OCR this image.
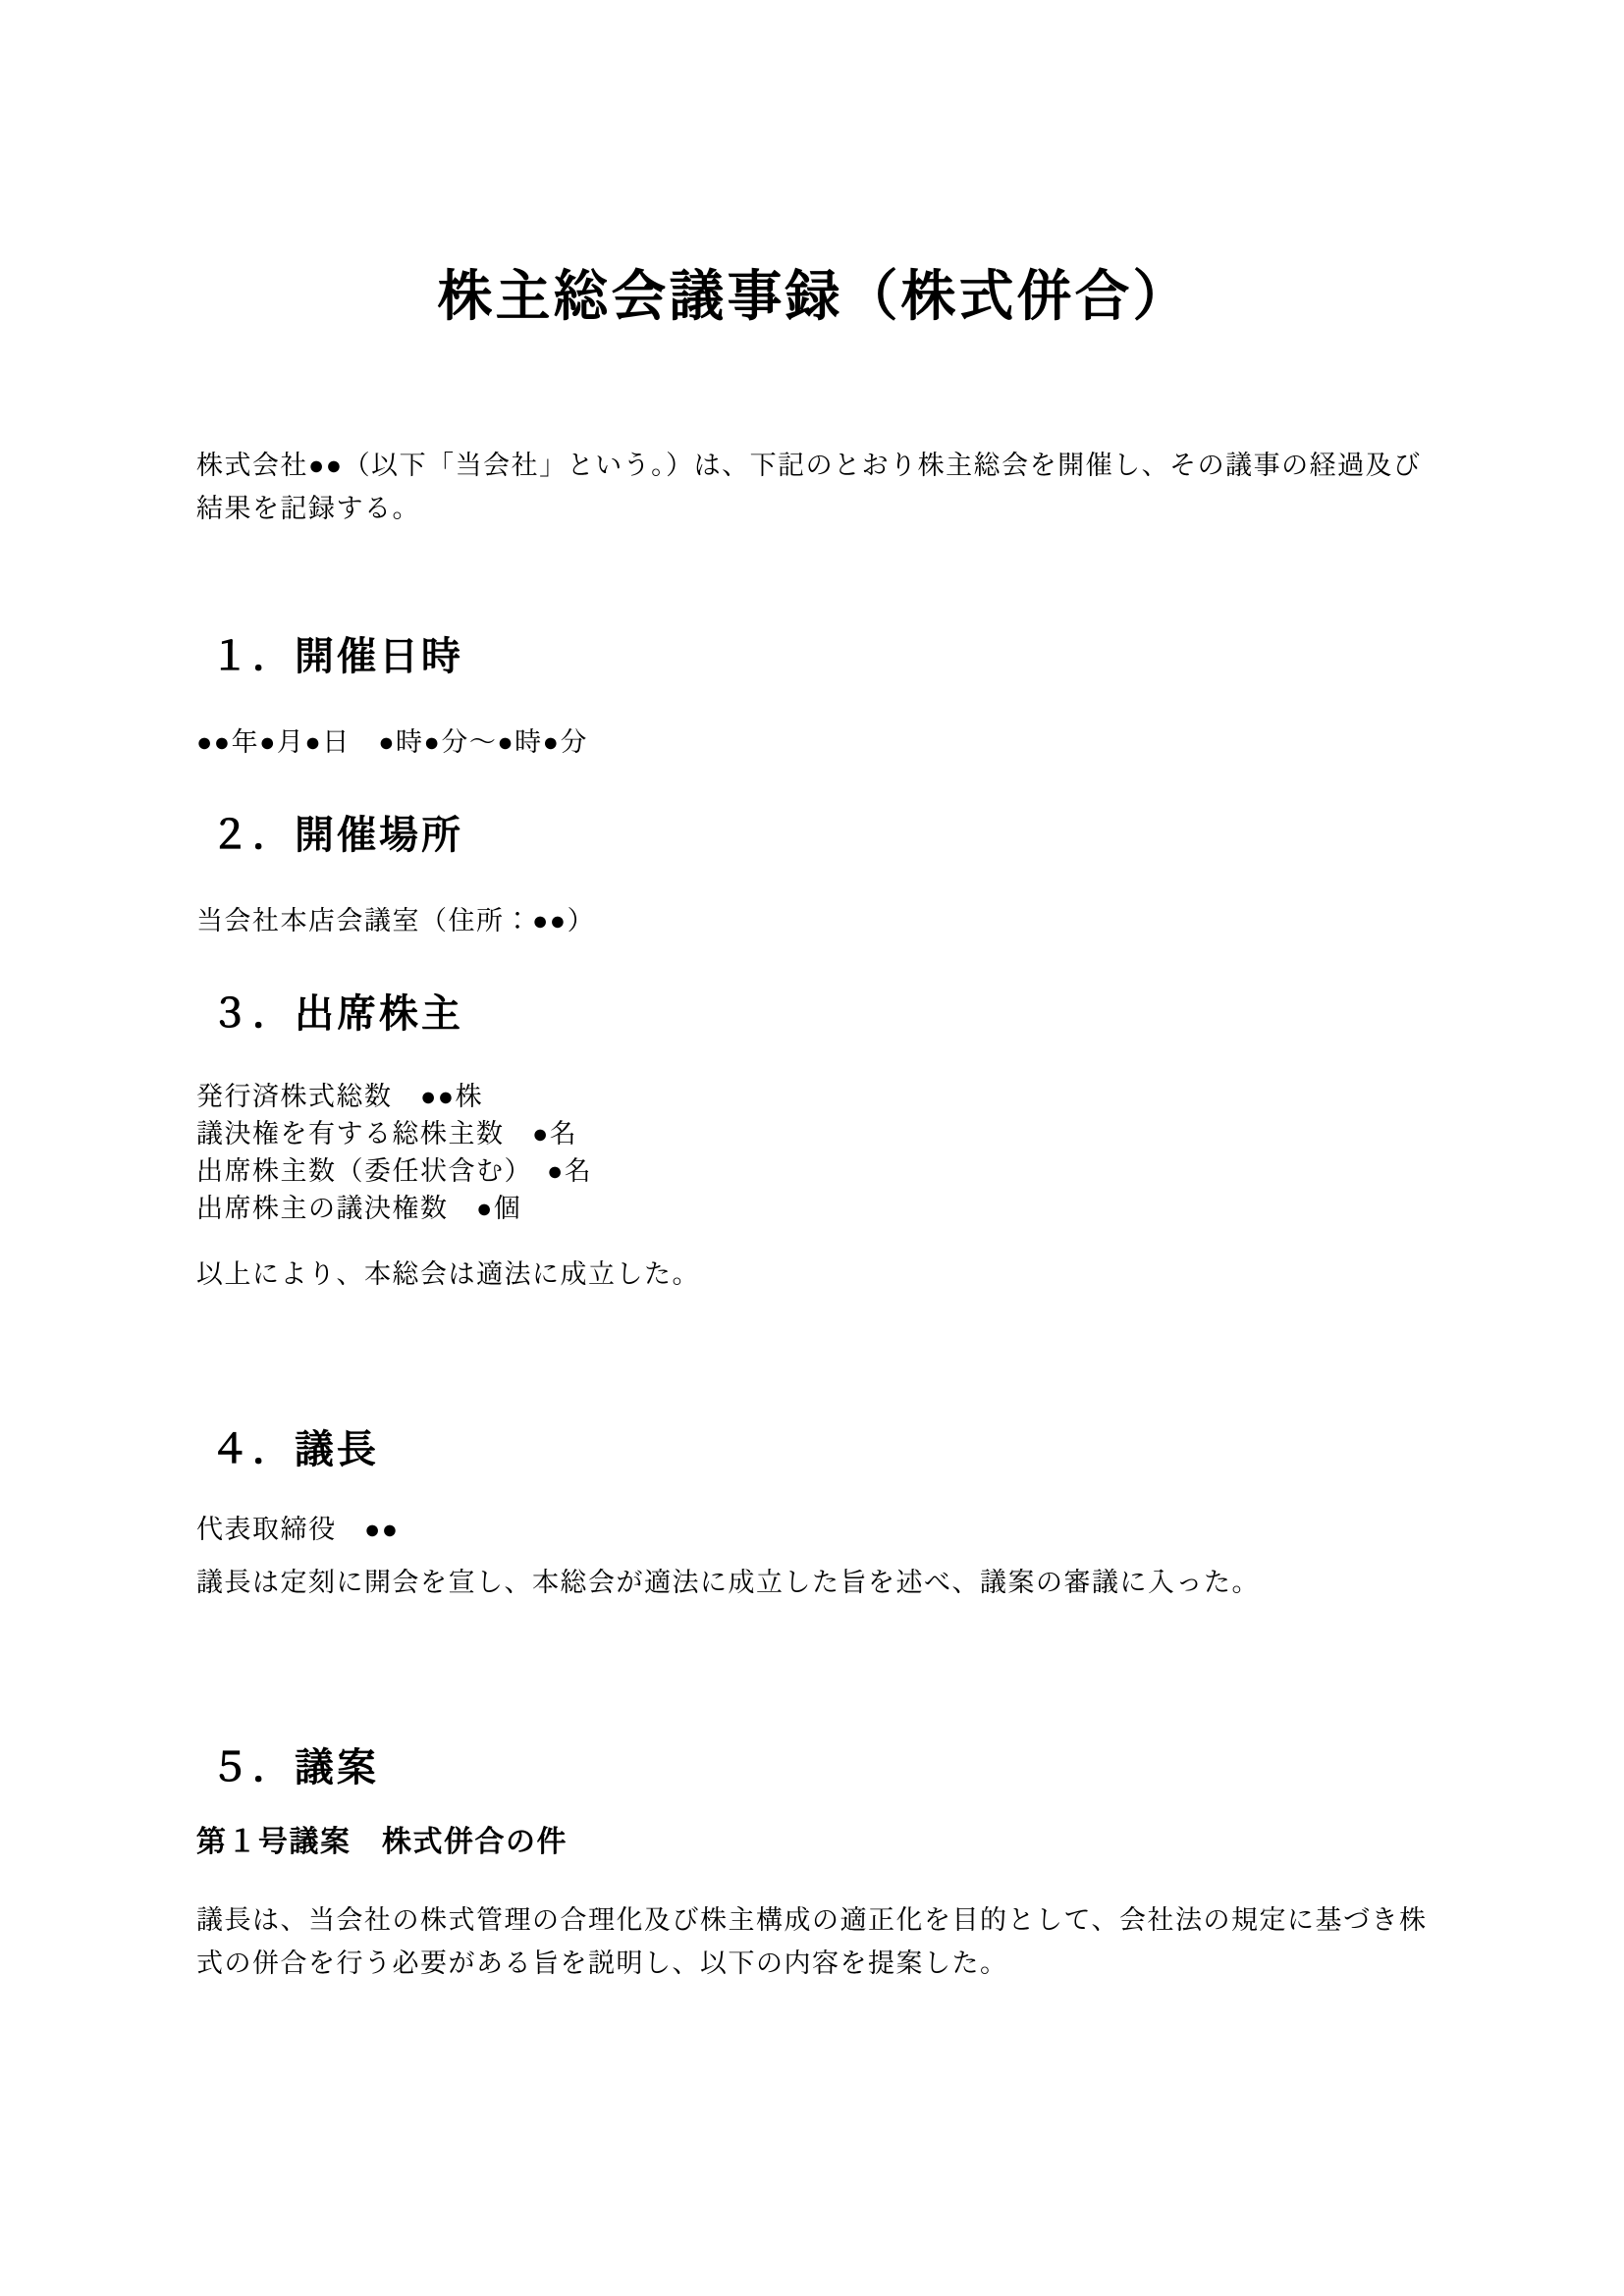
株主総会議事録（株式併合）

株式会社●●（以下「当会社」という。）は、下記のとおり株主総会を開催し、その議事の経過及び結果を記録する。

１．開催日時

●●年●月●日　●時●分～●時●分

２．開催場所

当会社本店会議室（住所：●●）

３．出席株主

発行済株式総数　●●株

議決権を有する総株主数　●名

出席株主数（委任状含む）　●名

出席株主の議決権数　●個

以上により、本総会は適法に成立した。

４．議長

代表取締役　●●

議長は定刻に開会を宣し、本総会が適法に成立した旨を述べ、議案の審議に入った。

５．議案
第１号議案　株式併合の件

議長は、当会社の株式管理の合理化及び株主構成の適正化を目的として、会社法の規定に基づき株式の併合を行う必要がある旨を説明し、以下の内容を提案した。
